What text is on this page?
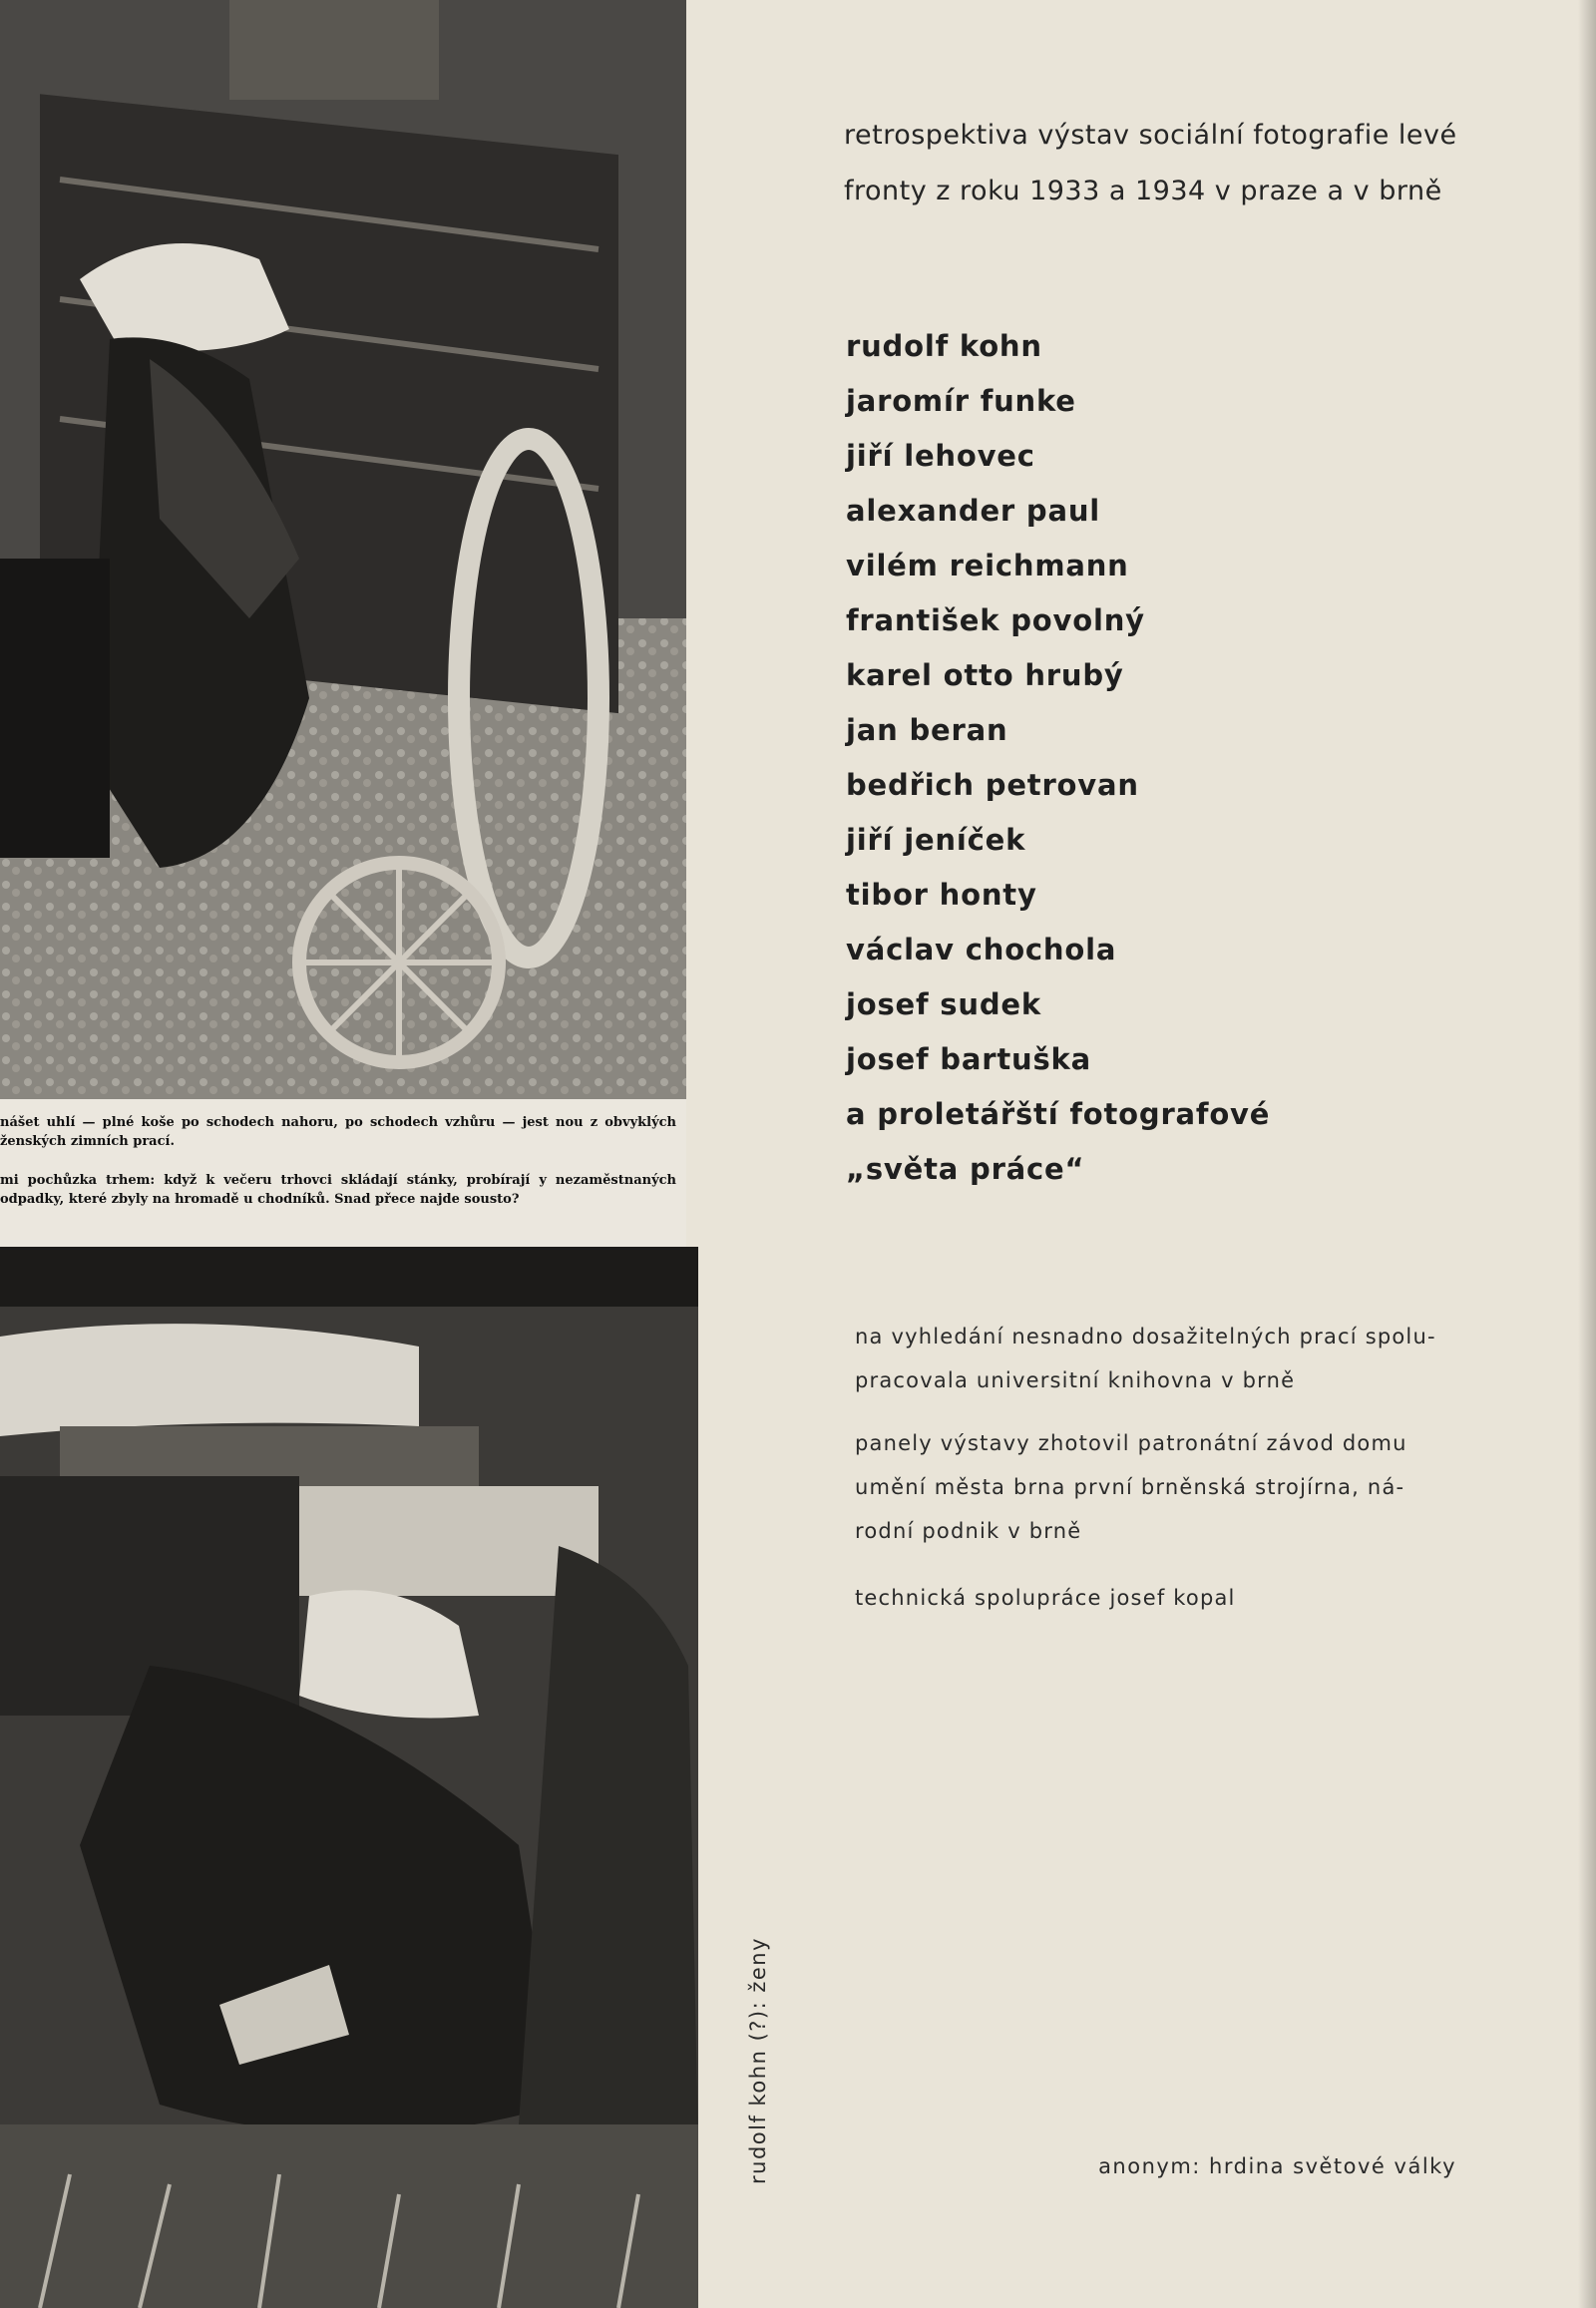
nášet uhlí — plné koše po schodech nahoru, po schodech vzhůru — jest nou z obvyklých ženských zimních prací.
mi pochůzka trhem: když k večeru trhovci skládají stánky, probírají y nezaměstnaných odpadky, které zbyly na hromadě u chodníků. Snad přece najde sousto?
retrospektiva výstav sociální fotografie levé
fronty z roku 1933 a 1934 v praze a v brně
rudolf kohn
jaromír funke
jiří lehovec
alexander paul
vilém reichmann
františek povolný
karel otto hrubý
jan beran
bedřich petrovan
jiří jeníček
tibor honty
václav chochola
josef sudek
josef bartuška
a proletářští fotografové
„světa práce“

na vyhledání nesnadno dosažitelných prací spolu-

pracovala universitní knihovna v brně

panely výstavy zhotovil patronátní závod domu

umění města brna první brněnská strojírna, ná-

rodní podnik v brně

technická spolupráce josef kopal

rudolf kohn (?): ženy	anonym: hrdina světové války
